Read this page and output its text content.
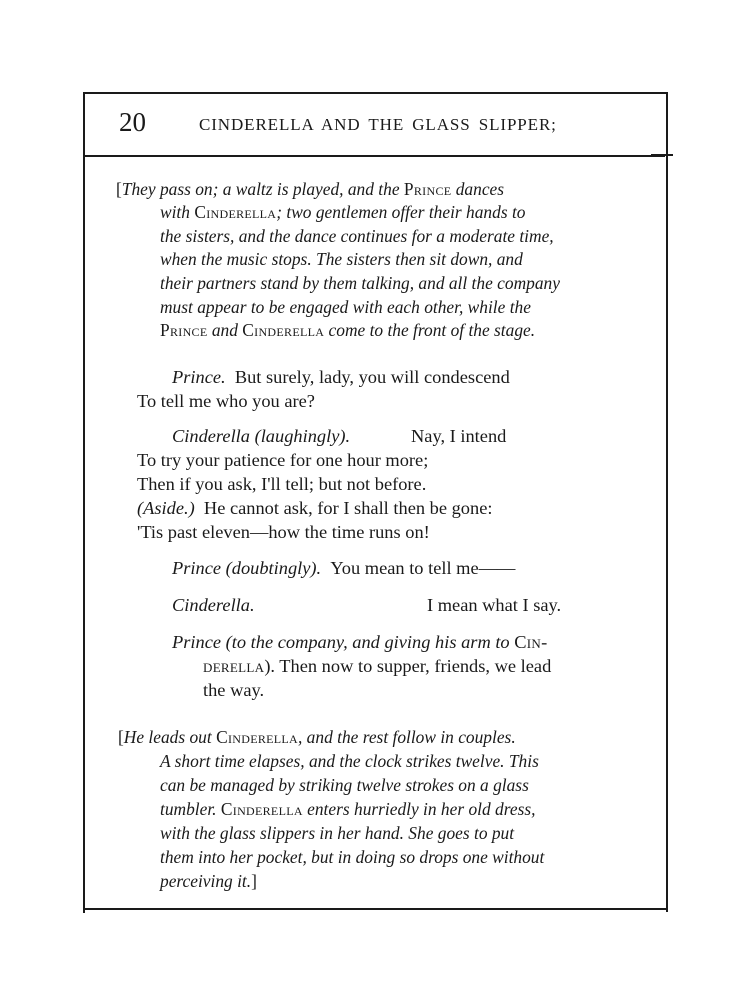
20	CINDERELLA AND THE GLASS SLIPPER;
[They pass on; a waltz is played, and the Prince dances
with Cinderella; two gentlemen offer their hands to
the sisters, and the dance continues for a moderate time,
when the music stops. The sisters then sit down, and
their partners stand by them talking, and all the company
must appear to be engaged with each other, while the
Prince and Cinderella come to the front of the stage.
Prince. But surely, lady, you will condescend
To tell me who you are?
Cinderella (laughingly).	Nay, I intend
To try your patience for one hour more;
Then if you ask, I'll tell; but not before.
(Aside.) He cannot ask, for I shall then be gone:
'Tis past eleven—how the time runs on!
Prince (doubtingly). You mean to tell me——
Cinderella.	I mean what I say.
Prince (to the company, and giving his arm to Cin-
derella). Then now to supper, friends, we lead
the way.
[He leads out Cinderella, and the rest follow in couples.
A short time elapses, and the clock strikes twelve. This
can be managed by striking twelve strokes on a glass
tumbler. Cinderella enters hurriedly in her old dress,
with the glass slippers in her hand. She goes to put
them into her pocket, but in doing so drops one without
perceiving it.]
